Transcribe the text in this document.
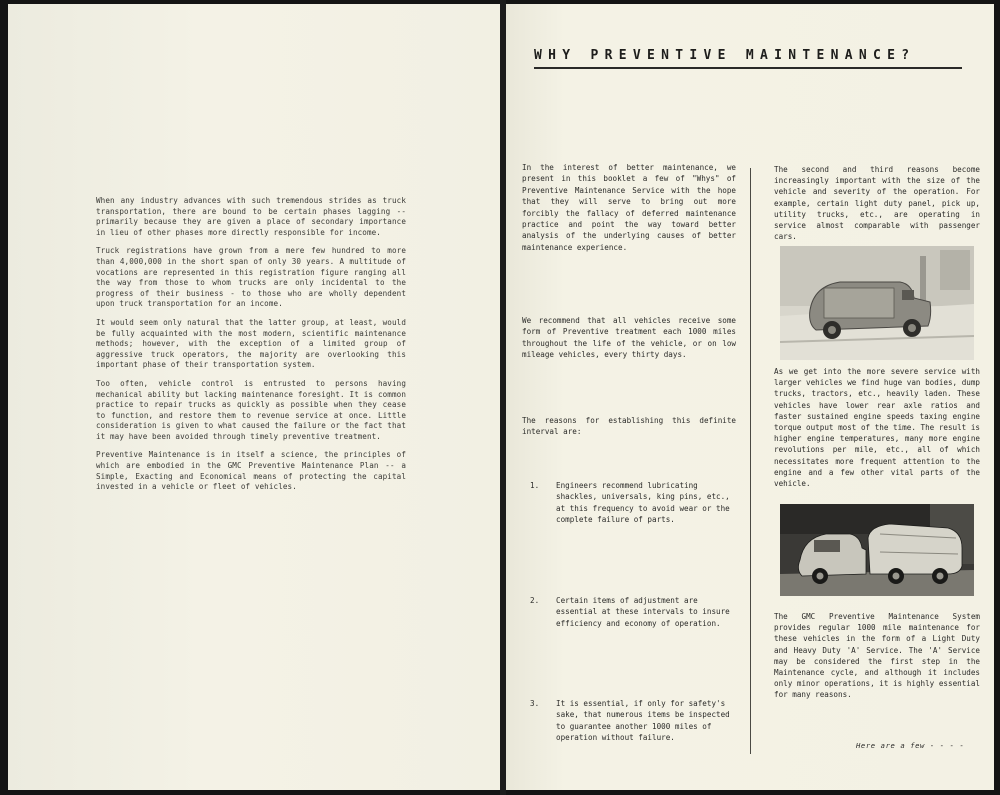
When any industry advances with such tremendous strides as truck transportation, there are bound to be certain phases lagging -- primarily because they are given a place of secondary importance in lieu of other phases more directly responsible for income.

Truck registrations have grown from a mere few hundred to more than 4,000,000 in the short span of only 30 years. A multitude of vocations are represented in this registration figure ranging all the way from those to whom trucks are only incidental to the progress of their business - to those who are wholly dependent upon truck transportation for an income.

It would seem only natural that the latter group, at least, would be fully acquainted with the most modern, scientific maintenance methods; however, with the exception of a limited group of aggressive truck operators, the majority are overlooking this important phase of their transportation system.

Too often, vehicle control is entrusted to persons having mechanical ability but lacking maintenance foresight. It is common practice to repair trucks as quickly as possible when they cease to function, and restore them to revenue service at once. Little consideration is given to what caused the failure or the fact that it may have been avoided through timely preventive treatment.

Preventive Maintenance is in itself a science, the principles of which are embodied in the GMC Preventive Maintenance Plan -- a Simple, Exacting and Economical means of protecting the capital invested in a vehicle or fleet of vehicles.

WHY PREVENTIVE MAINTENANCE?

In the interest of better maintenance, we present in this booklet a few of "Whys" of Preventive Maintenance Service with the hope that they will serve to bring out more forcibly the fallacy of deferred maintenance practice and point the way toward better analysis of the underlying causes of better maintenance experience.

We recommend that all vehicles receive some form of Preventive treatment each 1000 miles throughout the life of the vehicle, or on low mileage vehicles, every thirty days.

The reasons for establishing this definite interval are:

1.	Engineers recommend lubricating shackles, universals, king pins, etc., at this frequency to avoid wear or the complete failure of parts.
2.	Certain items of adjustment are essential at these intervals to insure efficiency and economy of operation.
3.	It is essential, if only for safety's sake, that numerous items be inspected to guarantee another 1000 miles of operation without failure.

The second and third reasons become increasingly important with the size of the vehicle and severity of the operation. For example, certain light duty panel, pick up, utility trucks, etc., are operating in service almost comparable with passenger cars.

As we get into the more severe service with larger vehicles we find huge van bodies, dump trucks, tractors, etc., heavily laden. These vehicles have lower rear axle ratios and faster sustained engine speeds taxing engine torque output most of the time. The result is higher engine temperatures, many more engine revolutions per mile, etc., all of which necessitates more frequent attention to the engine and a few other vital parts of the vehicle.

The GMC Preventive Maintenance System provides regular 1000 mile maintenance for these vehicles in the form of a Light Duty and Heavy Duty 'A' Service. The 'A' Service may be considered the first step in the Maintenance cycle, and although it includes only minor operations, it is highly essential for many reasons.

Here are a few - - - -
